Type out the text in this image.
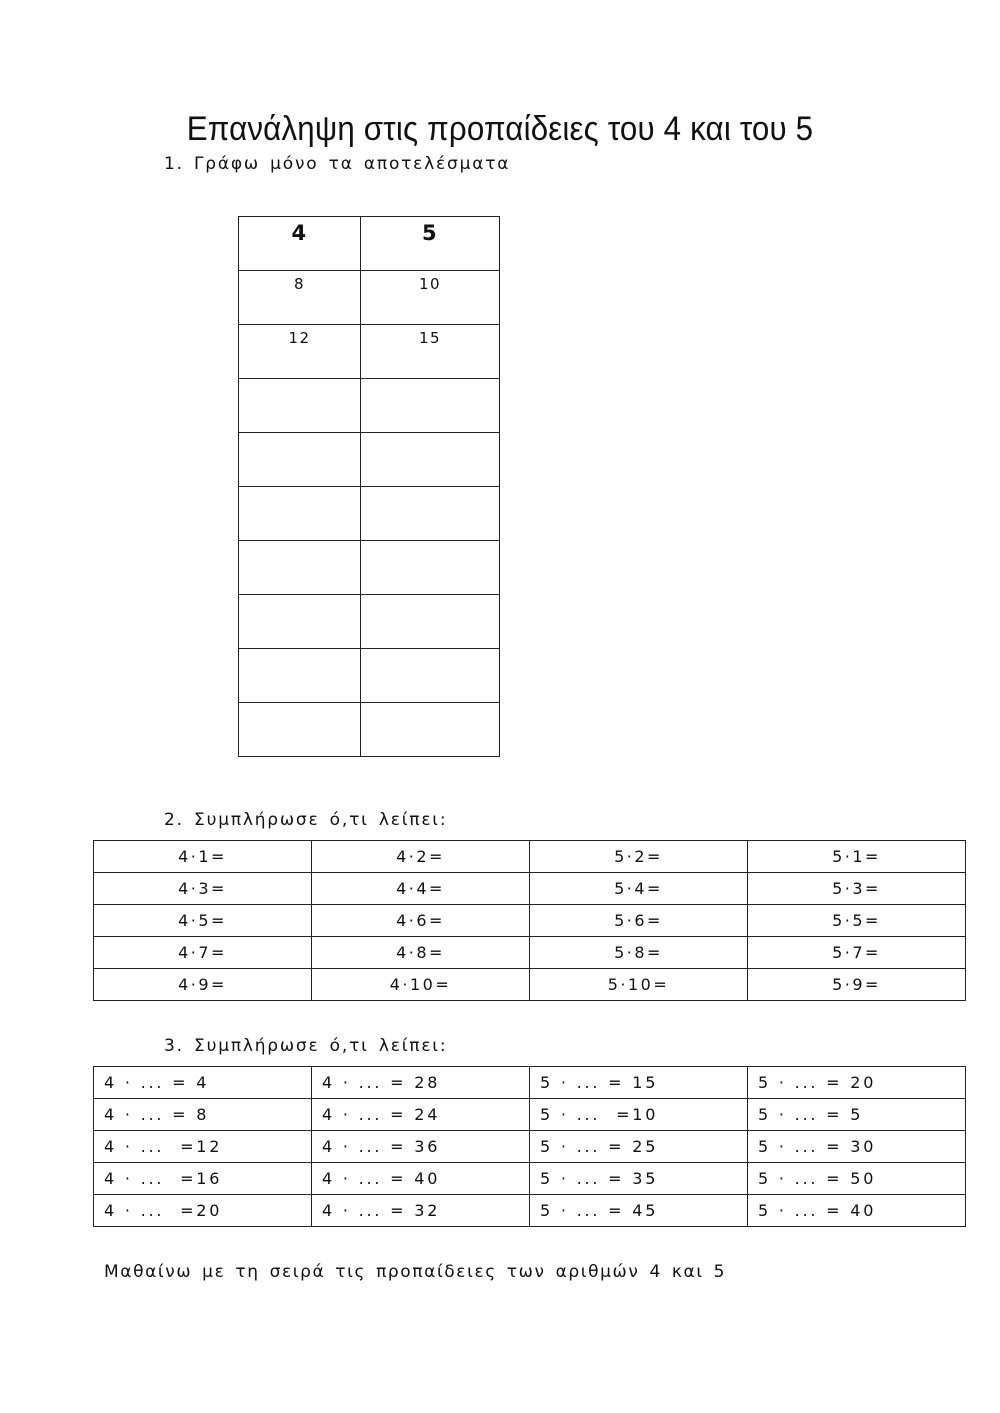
Επανάληψη στις προπαίδειες του 4 και του 5
1. Γράφω μόνο τα αποτελέσματα
4	5
8	10
12	15

2. Συμπλήρωσε ό,τι λείπει:
4·1=	4·2=	5·2=	5·1=
4·3=	4·4=	5·4=	5·3=
4·5=	4·6=	5·6=	5·5=
4·7=	4·8=	5·8=	5·7=
4·9=	4·10=	5·10=	5·9=
3. Συμπλήρωσε ό,τι λείπει:
4 · ... = 4	4 · ... = 28	5 · ... = 15	5 · ... = 20
4 · ... = 8	4 · ... = 24	5 · ...  =10	5 · ... = 5
4 · ...  =12	4 · ... = 36	5 · ... = 25	5 · ... = 30
4 · ...  =16	4 · ... = 40	5 · ... = 35	5 · ... = 50
4 · ...  =20	4 · ... = 32	5 · ... = 45	5 · ... = 40
Μαθαίνω με τη σειρά τις προπαίδειες των αριθμών 4 και 5
